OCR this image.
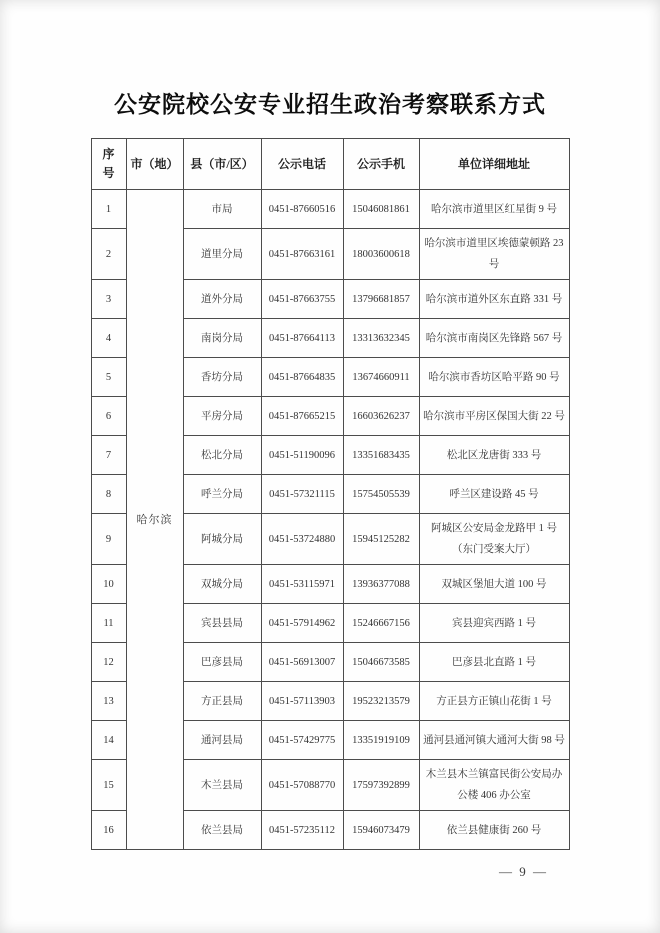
公安院校公安专业招生政治考察联系方式
序号	市（地）	县（市/区）	公示电话	公示手机	单位详细地址
1	哈尔滨	市局	0451-87660516	15046081861	哈尔滨市道里区红星街 9 号
2		道里分局	0451-87663161	18003600618	哈尔滨市道里区埃德蒙顿路 23 号
3		道外分局	0451-87663755	13796681857	哈尔滨市道外区东直路 331 号
4		南岗分局	0451-87664113	13313632345	哈尔滨市南岗区先锋路 567 号
5		香坊分局	0451-87664835	13674660911	哈尔滨市香坊区哈平路 90 号
6		平房分局	0451-87665215	16603626237	哈尔滨市平房区保国大街 22 号
7		松北分局	0451-51190096	13351683435	松北区龙唐街 333 号
8		呼兰分局	0451-57321115	15754505539	呼兰区建设路 45 号
9		阿城分局	0451-53724880	15945125282	阿城区公安局金龙路甲 1 号（东门受案大厅）
10		双城分局	0451-53115971	13936377088	双城区堡旭大道 100 号
11		宾县县局	0451-57914962	15246667156	宾县迎宾西路 1 号
12		巴彦县局	0451-56913007	15046673585	巴彦县北直路 1 号
13		方正县局	0451-57113903	19523213579	方正县方正镇山花街 1 号
14		通河县局	0451-57429775	13351919109	通河县通河镇大通河大街 98 号
15		木兰县局	0451-57088770	17597392899	木兰县木兰镇富民街公安局办公楼 406 办公室
16		依兰县局	0451-57235112	15946073479	依兰县健康街 260 号
— 9 —
